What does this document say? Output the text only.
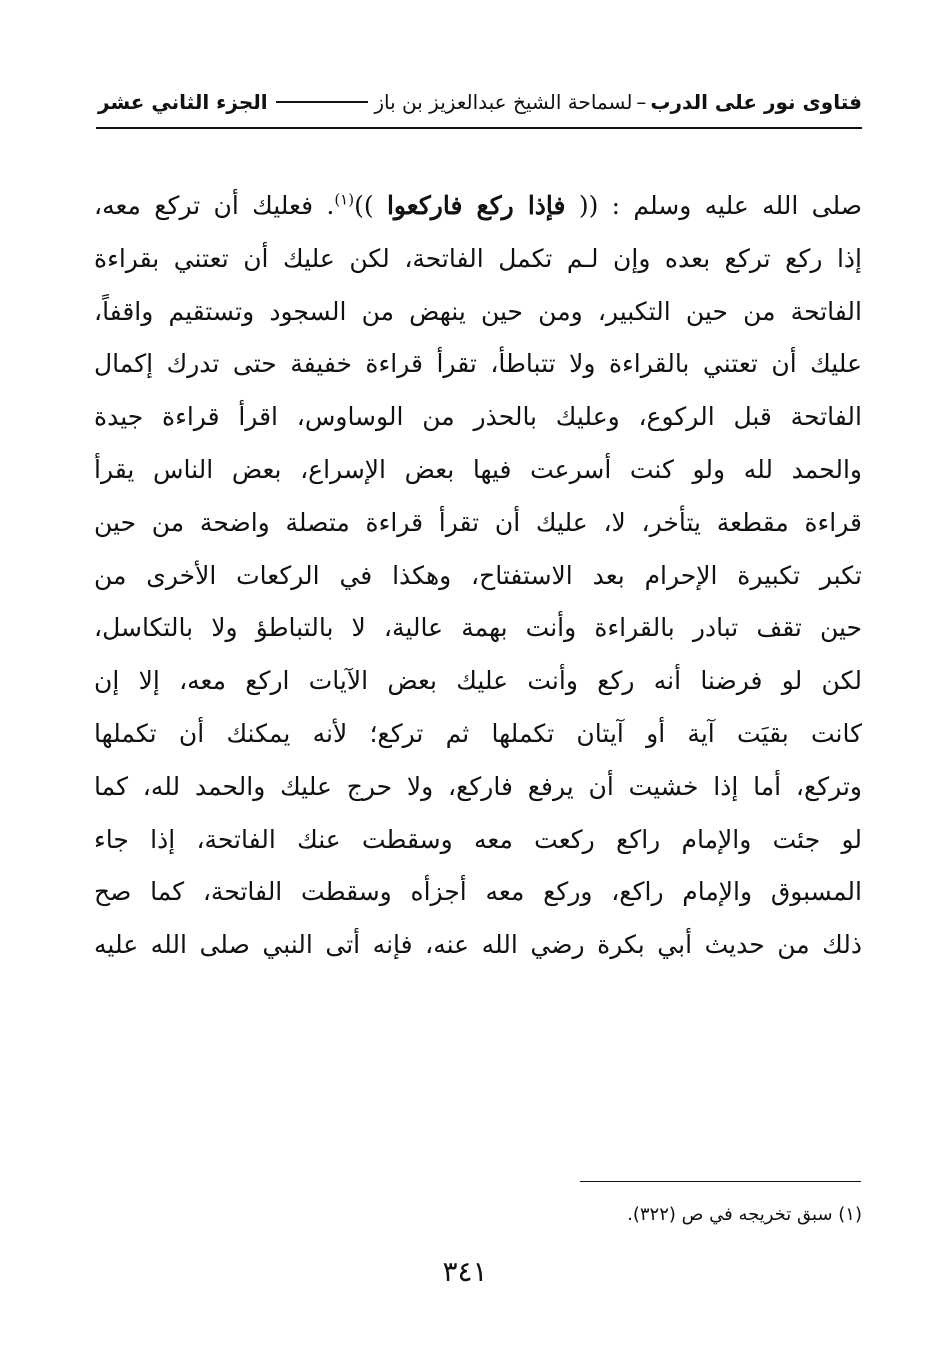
فتاوى نور على الدرب
–
لسماحة الشيخ عبدالعزيز بن باز
الجزء الثاني عشر
صلى الله عليه وسلم : (( فإذا ركع فاركعوا ))$^{(١)}$. فعليك أن تركع معه،
إذا ركع تركع بعده وإن لـم تكمل الفاتحة، لكن عليك أن تعتني بقراءة
الفاتحة من حين التكبير، ومن حين ينهض من السجود وتستقيم واقفاً،
عليك أن تعتني بالقراءة ولا تتباطأ، تقرأ قراءة خفيفة حتى تدرك إكمال
الفاتحة قبل الركوع، وعليك بالحذر من الوساوس، اقرأ قراءة جيدة
والحمد لله ولو كنت أسرعت فيها بعض الإسراع، بعض الناس يقرأ
قراءة مقطعة يتأخر، لا، عليك أن تقرأ قراءة متصلة واضحة من حين
تكبر تكبيرة الإحرام بعد الاستفتاح، وهكذا في الركعات الأخرى من
حين تقف تبادر بالقراءة وأنت بهمة عالية، لا بالتباطؤ ولا بالتكاسل،
لكن لو فرضنا أنه ركع وأنت عليك بعض الآيات اركع معه، إلا إن
كانت بقيَت آية أو آيتان تكملها ثم تركع؛ لأنه يمكنك أن تكملها
وتركع، أما إذا خشيت أن يرفع فاركع، ولا حرج عليك والحمد لله، كما
لو جئت والإمام راكع ركعت معه وسقطت عنك الفاتحة، إذا جاء
المسبوق والإمام راكع، وركع معه أجزأه وسقطت الفاتحة، كما صح
ذلك من حديث أبي بكرة رضي الله عنه، فإنه أتى النبي صلى الله عليه
(١) سبق تخريجه في ص (٣٢٢).
٣٤١
